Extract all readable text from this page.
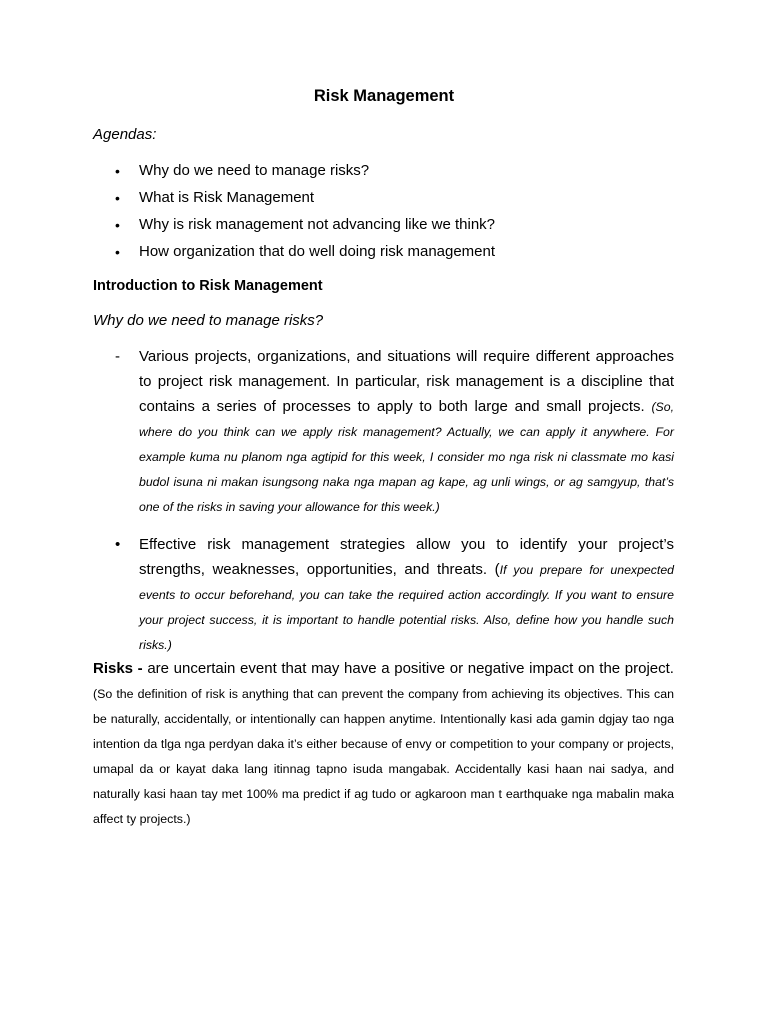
Risk Management
Agendas:
• Why do we need to manage risks?
• What is Risk Management
• Why is risk management not advancing like we think?
• How organization that do well doing risk management
Introduction to Risk Management
Why do we need to manage risks?
- Various projects, organizations, and situations will require different approaches to project risk management. In particular, risk management is a discipline that contains a series of processes to apply to both large and small projects. (So, where do you think can we apply risk management? Actually, we can apply it anywhere. For example kuma nu planom nga agtipid for this week, I consider mo nga risk ni classmate mo kasi budol isuna ni makan isungsong naka nga mapan ag kape, ag unli wings, or ag samgyup, that’s one of the risks in saving your allowance for this week.)
• Effective risk management strategies allow you to identify your project’s strengths, weaknesses, opportunities, and threats. (If you prepare for unexpected events to occur beforehand, you can take the required action accordingly. If you want to ensure your project success, it is important to handle potential risks. Also, define how you handle such risks.)
Risks - are uncertain event that may have a positive or negative impact on the project. (So the definition of risk is anything that can prevent the company from achieving its objectives. This can be naturally, accidentally, or intentionally can happen anytime. Intentionally kasi ada gamin dgjay tao nga intention da tlga nga perdyan daka it’s either because of envy or competition to your company or projects, umapal da or kayat daka lang itinnag tapno isuda mangabak. Accidentally kasi haan nai sadya, and naturally kasi haan tay met 100% ma predict if ag tudo or agkaroon man t earthquake nga mabalin maka affect ty projects.)
